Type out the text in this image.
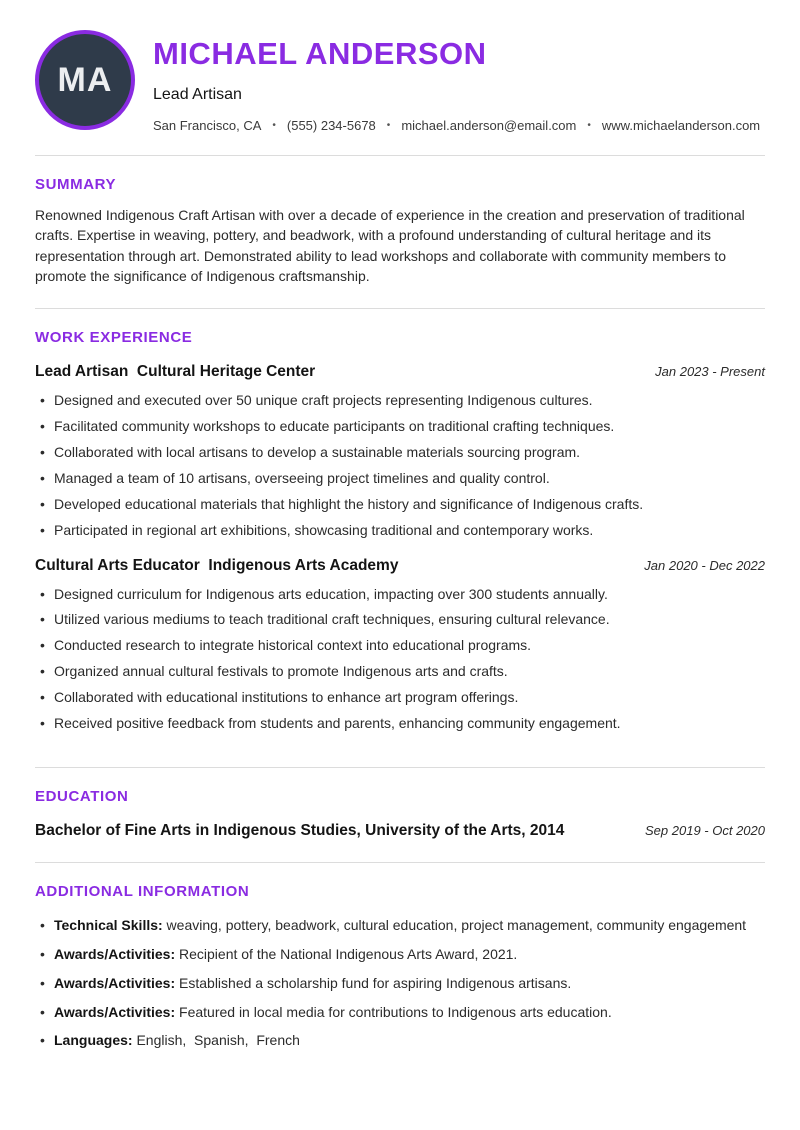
MA
MICHAEL ANDERSON
Lead Artisan
San Francisco, CA • (555) 234-5678 • michael.anderson@email.com • www.michaelanderson.com
SUMMARY

Renowned Indigenous Craft Artisan with over a decade of experience in the creation and preservation of traditional crafts. Expertise in weaving, pottery, and beadwork, with a profound understanding of cultural heritage and its representation through art. Demonstrated ability to lead workshops and collaborate with community members to promote the significance of Indigenous craftsmanship.

WORK EXPERIENCE
Lead Artisan  Cultural Heritage Center	Jan 2023 - Present
• Designed and executed over 50 unique craft projects representing Indigenous cultures.
• Facilitated community workshops to educate participants on traditional crafting techniques.
• Collaborated with local artisans to develop a sustainable materials sourcing program.
• Managed a team of 10 artisans, overseeing project timelines and quality control.
• Developed educational materials that highlight the history and significance of Indigenous crafts.
• Participated in regional art exhibitions, showcasing traditional and contemporary works.
Cultural Arts Educator  Indigenous Arts Academy	Jan 2020 - Dec 2022
• Designed curriculum for Indigenous arts education, impacting over 300 students annually.
• Utilized various mediums to teach traditional craft techniques, ensuring cultural relevance.
• Conducted research to integrate historical context into educational programs.
• Organized annual cultural festivals to promote Indigenous arts and crafts.
• Collaborated with educational institutions to enhance art program offerings.
• Received positive feedback from students and parents, enhancing community engagement.
EDUCATION
Bachelor of Fine Arts in Indigenous Studies, University of the Arts, 2014	Sep 2019 - Oct 2020
ADDITIONAL INFORMATION
• Technical Skills: weaving, pottery, beadwork, cultural education, project management, community engagement
• Awards/Activities: Recipient of the National Indigenous Arts Award, 2021.
• Awards/Activities: Established a scholarship fund for aspiring Indigenous artisans.
• Awards/Activities: Featured in local media for contributions to Indigenous arts education.
• Languages: English,  Spanish,  French
